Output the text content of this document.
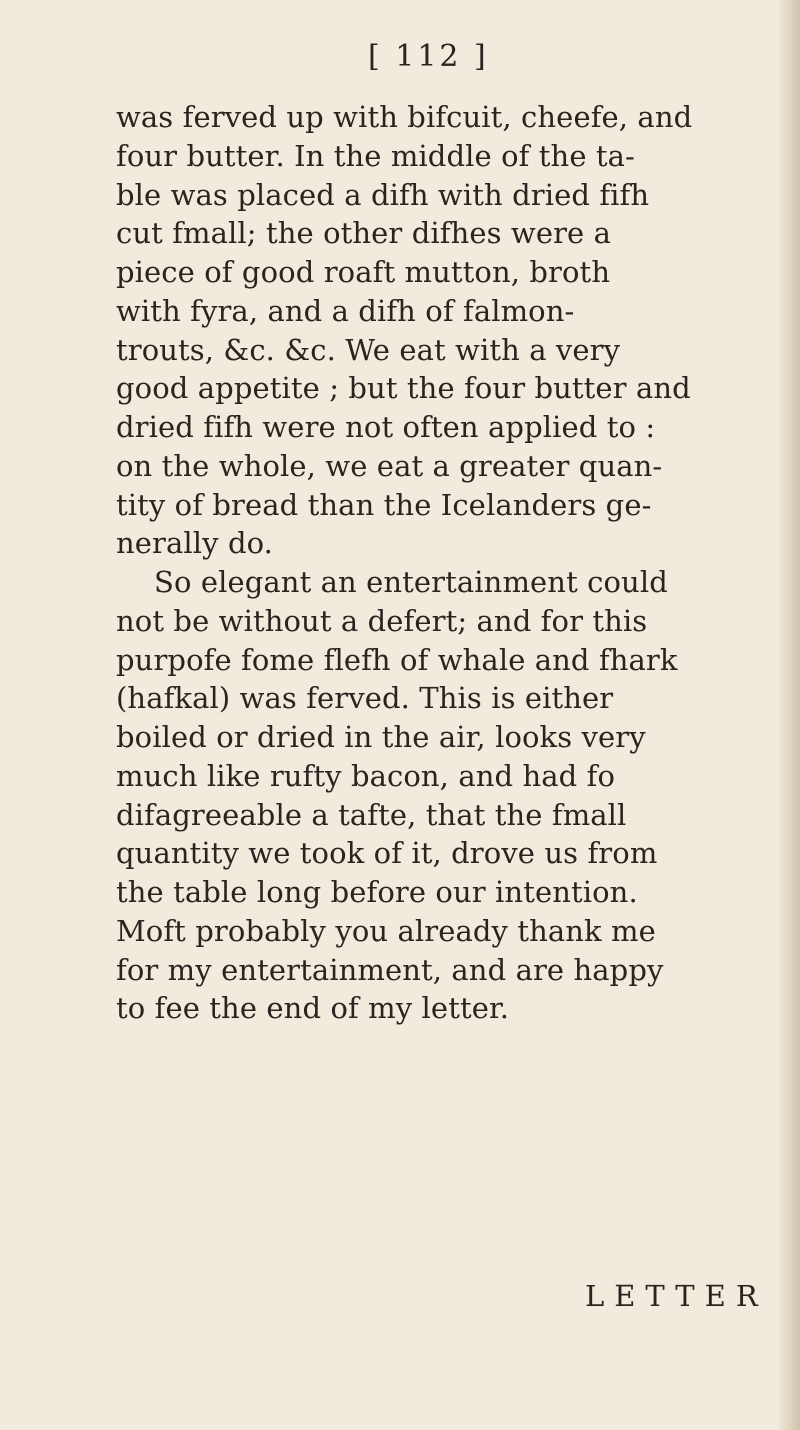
[ 112 ]
was ferved up with bifcuit, cheefe, and
four butter. In the middle of the ta-
ble was placed a difh with dried fifh
cut fmall; the other difhes were a
piece of good roaft mutton, broth
with fyra, and a difh of falmon-
trouts, &c. &c. We eat with a very
good appetite ; but the four butter and
dried fifh were not often applied to :
on the whole, we eat a greater quan-
tity of bread than the Icelanders ge-
nerally do.
So elegant an entertainment could
not be without a defert; and for this
purpofe fome flefh of whale and fhark
(hafkal) was ferved. This is either
boiled or dried in the air, looks very
much like rufty bacon, and had fo
difagreeable a tafte, that the fmall
quantity we took of it, drove us from
the table long before our intention.
Moft probably you already thank me
for my entertainment, and are happy
to fee the end of my letter.
LETTER
